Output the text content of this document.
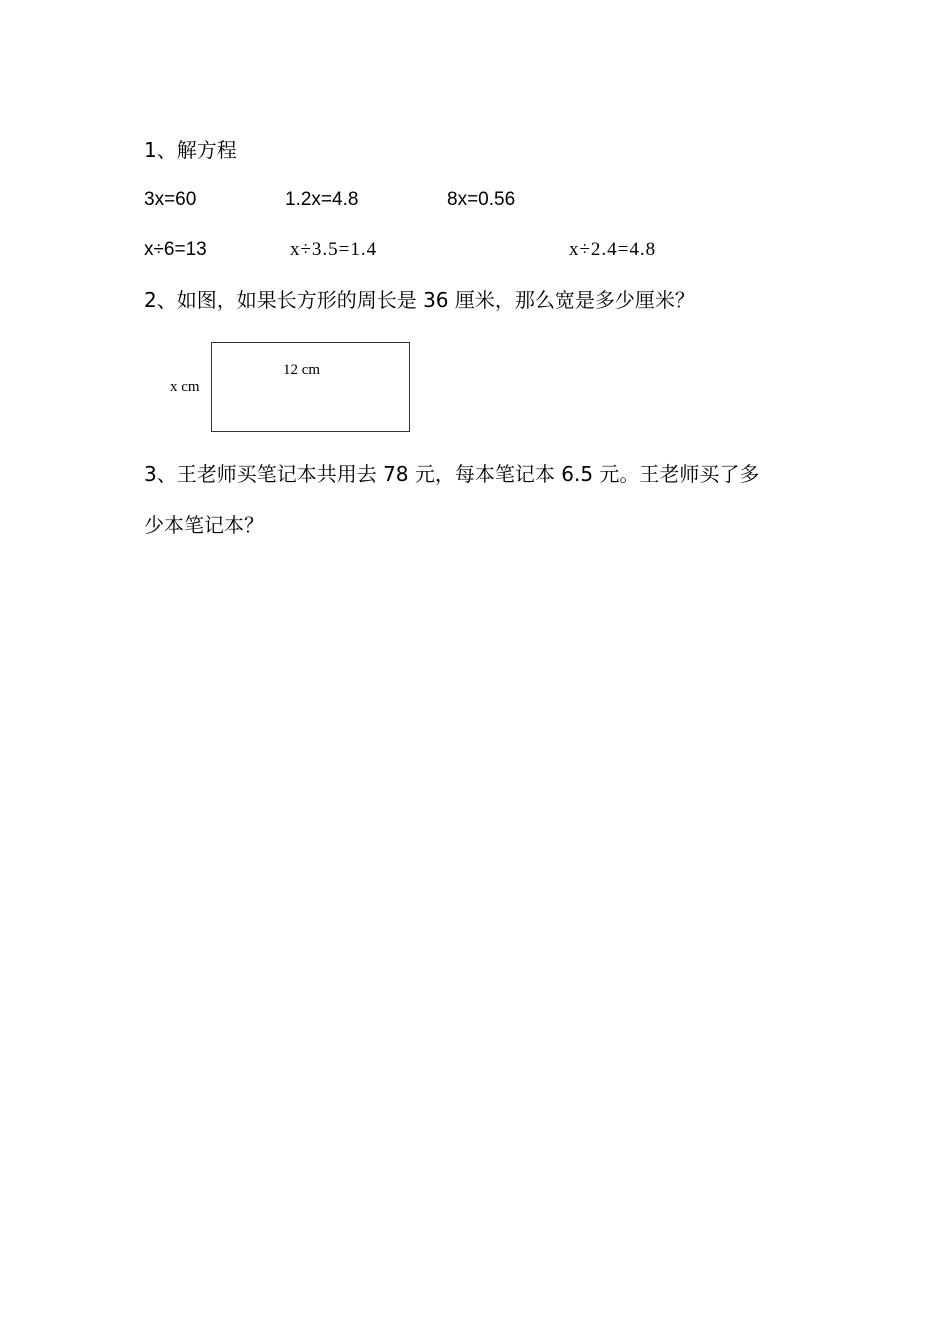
1、解方程
3x=60	1.2x=4.8	8x=0.56
x÷6=13	x÷3.5=1.4	x÷2.4=4.8
2、如图，如果长方形的周长是 36 厘米，那么宽是多少厘米？
x cm
12 cm
3、王老师买笔记本共用去 78 元，每本笔记本 6.5 元。王老师买了多
少本笔记本？
